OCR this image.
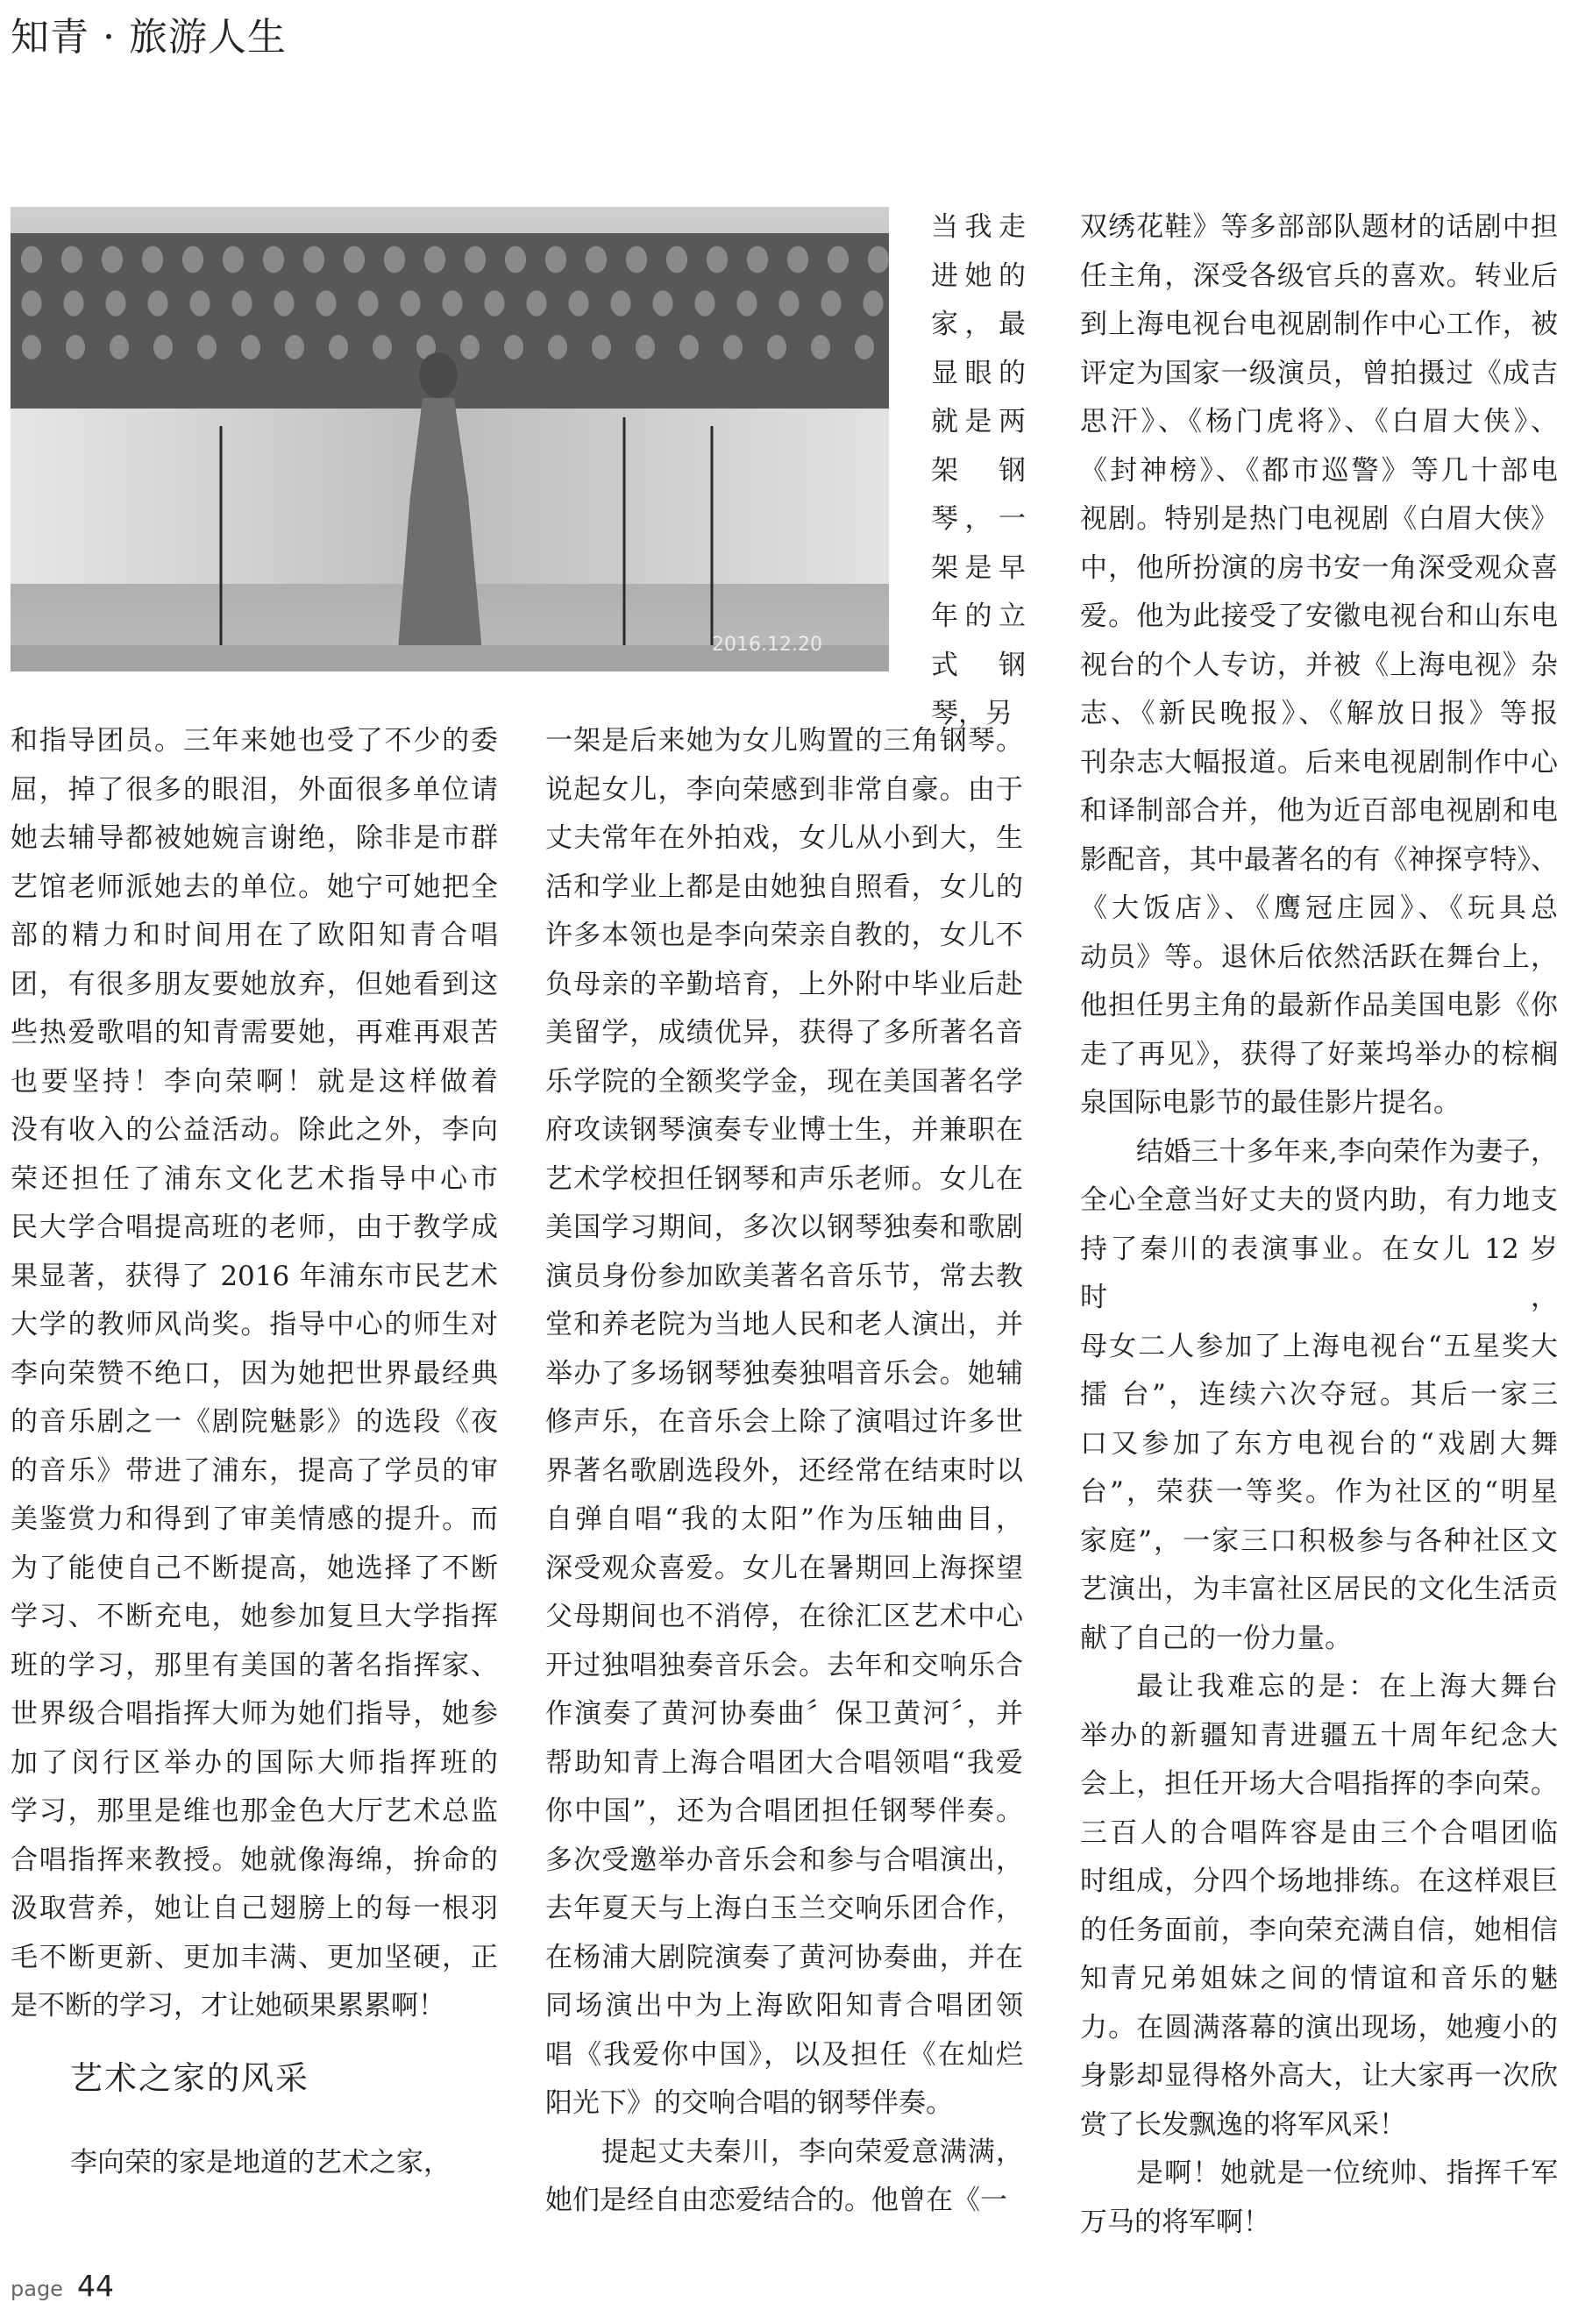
知青 · 旅游人生
2016.12.20

当我走

进她的

家，最

显眼的

就是两

架 钢

琴，一

架是早

年的立

式 钢

琴，另

和指导团员。三年来她也受了不少的委

屈，掉了很多的眼泪，外面很多单位请

她去辅导都被她婉言谢绝，除非是市群

艺馆老师派她去的单位。她宁可她把全

部的精力和时间用在了欧阳知青合唱

团，有很多朋友要她放弃，但她看到这

些热爱歌唱的知青需要她，再难再艰苦

也要坚持！李向荣啊！就是这样做着

没有收入的公益活动。除此之外，李向

荣还担任了浦东文化艺术指导中心市

民大学合唱提高班的老师，由于教学成

果显著，获得了 2016 年浦东市民艺术

大学的教师风尚奖。指导中心的师生对

李向荣赞不绝口，因为她把世界最经典

的音乐剧之一《剧院魅影》的选段《夜

的音乐》带进了浦东，提高了学员的审

美鉴赏力和得到了审美情感的提升。而

为了能使自己不断提高，她选择了不断

学习、不断充电，她参加复旦大学指挥

班的学习，那里有美国的著名指挥家、

世界级合唱指挥大师为她们指导，她参

加了闵行区举办的国际大师指挥班的

学习，那里是维也那金色大厅艺术总监

合唱指挥来教授。她就像海绵，拚命的

汲取营养，她让自己翅膀上的每一根羽

毛不断更新、更加丰满、更加坚硬，正

是不断的学习，才让她硕果累累啊！

艺术之家的风采

李向荣的家是地道的艺术之家，

一架是后来她为女儿购置的三角钢琴。

说起女儿，李向荣感到非常自豪。由于

丈夫常年在外拍戏，女儿从小到大，生

活和学业上都是由她独自照看，女儿的

许多本领也是李向荣亲自教的，女儿不

负母亲的辛勤培育，上外附中毕业后赴

美留学，成绩优异，获得了多所著名音

乐学院的全额奖学金，现在美国著名学

府攻读钢琴演奏专业博士生，并兼职在

艺术学校担任钢琴和声乐老师。女儿在

美国学习期间，多次以钢琴独奏和歌剧

演员身份参加欧美著名音乐节，常去教

堂和养老院为当地人民和老人演出，并

举办了多场钢琴独奏独唱音乐会。她辅

修声乐，在音乐会上除了演唱过许多世

界著名歌剧选段外，还经常在结束时以

自弹自唱“我的太阳”作为压轴曲目，

深受观众喜爱。女儿在暑期回上海探望

父母期间也不消停，在徐汇区艺术中心

开过独唱独奏音乐会。去年和交响乐合

作演奏了黄河协奏曲〞保卫黄河〞，并

帮助知青上海合唱团大合唱领唱“我爱

你中国”，还为合唱团担任钢琴伴奏。

多次受邀举办音乐会和参与合唱演出，

去年夏天与上海白玉兰交响乐团合作，

在杨浦大剧院演奏了黄河协奏曲，并在

同场演出中为上海欧阳知青合唱团领

唱《我爱你中国》，以及担任《在灿烂

阳光下》的交响合唱的钢琴伴奏。

提起丈夫秦川，李向荣爱意满满，

她们是经自由恋爱结合的。他曾在《一

双绣花鞋》等多部部队题材的话剧中担

任主角，深受各级官兵的喜欢。转业后

到上海电视台电视剧制作中心工作，被

评定为国家一级演员，曾拍摄过《成吉

思汗》、《杨门虎将》、《白眉大侠》、

《封神榜》、《都市巡警》等几十部电

视剧。特别是热门电视剧《白眉大侠》

中，他所扮演的房书安一角深受观众喜

爱。他为此接受了安徽电视台和山东电

视台的个人专访，并被《上海电视》杂

志、《新民晚报》、《解放日报》等报

刊杂志大幅报道。后来电视剧制作中心

和译制部合并，他为近百部电视剧和电

影配音，其中最著名的有《神探亨特》、

《大饭店》、《鹰冠庄园》、《玩具总

动员》等。退休后依然活跃在舞台上，

他担任男主角的最新作品美国电影《你

走了再见》，获得了好莱坞举办的棕榈

泉国际电影节的最佳影片提名。

结婚三十多年来,李向荣作为妻子，

全心全意当好丈夫的贤内助，有力地支

持了秦川的表演事业。在女儿 12 岁时，

母女二人参加了上海电视台“五星奖大

擂 台”，连续六次夺冠。其后一家三

口又参加了东方电视台的“戏剧大舞

台”，荣获一等奖。作为社区的“明星

家庭”，一家三口积极参与各种社区文

艺演出，为丰富社区居民的文化生活贡

献了自己的一份力量。

最让我难忘的是：在上海大舞台

举办的新疆知青进疆五十周年纪念大

会上，担任开场大合唱指挥的李向荣。

三百人的合唱阵容是由三个合唱团临

时组成，分四个场地排练。在这样艰巨

的任务面前，李向荣充满自信，她相信

知青兄弟姐妹之间的情谊和音乐的魅

力。在圆满落幕的演出现场，她瘦小的

身影却显得格外高大，让大家再一次欣

赏了长发飘逸的将军风采！

是啊！她就是一位统帅、指挥千军

万马的将军啊！

page 44
